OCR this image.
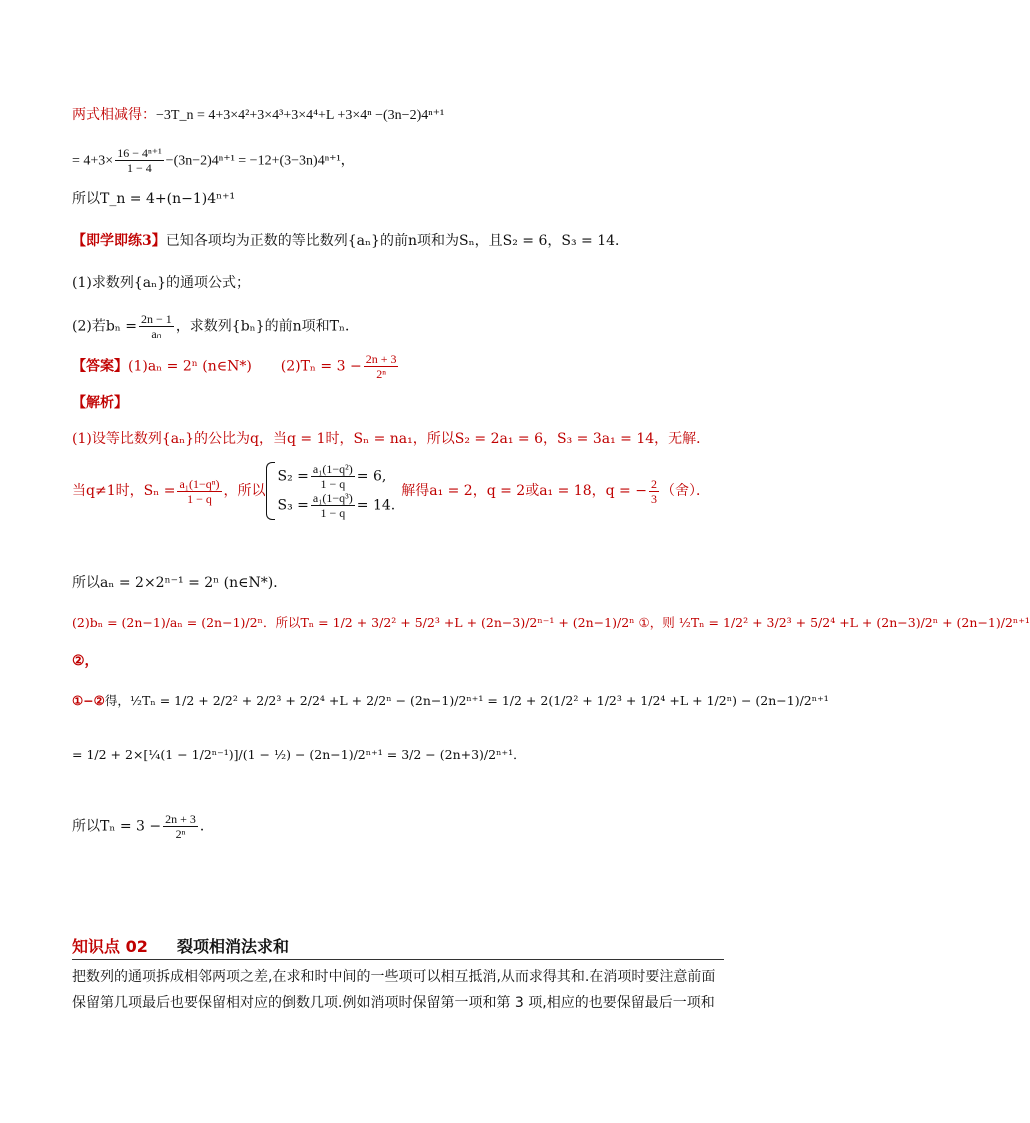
两式相减得：−3T_n = 4+3×4²+3×4³+3×4⁴+L +3×4ⁿ −(3n−2)4ⁿ⁺¹
= $4+3\times \frac{\text{16 − 4ⁿ⁺¹}}{1 - 4} -(3n-2)4^{n+1} = -12+(3-3n)4^{n+1}$，
所以T_n = 4+(n−1)4ⁿ⁺¹
【即学即练3】已知各项均为正数的等比数列{aₙ}的前n项和为Sₙ，且S₂ = 6，S₃ = 14．
(1)求数列{aₙ}的通项公式；
(2)若$b_n = \frac{2n - 1}{\text{aₙ}}$ ，求数列{bₙ}的前n项和Tₙ．
【答案】(1)aₙ = 2ⁿ (n∈N*) $(2)T_n = 3 - \frac{2n + 3}{\text{2ⁿ}}$
【解析】
(1)设等比数列{aₙ}的公比为q，当q = 1时，Sₙ = na₁，所以S₂ = 2a₁ = 6，S₃ = 3a₁ = 14，无解．
当q≠1时，$S_n = \frac{\text{a₁(1−qⁿ)}}{1 - q}$ ，所以
$S_2 = \frac{\text{a₁(1−q²)}}{1 - q} = 6$,
$S_3 = \frac{\text{a₁(1−q³)}}{1 - q} = 14$.
解得a₁ = 2，q = 2或a₁ = 18，q = − $\frac{2}{3}$ （舍）．
所以aₙ = 2×2ⁿ⁻¹ = 2ⁿ (n∈N*)．
(2)bₙ = (2n−1)/aₙ = (2n−1)/2ⁿ．所以Tₙ = 1/2 + 3/2² + 5/2³ +L + (2n−3)/2ⁿ⁻¹ + (2n−1)/2ⁿ ①，则 ½Tₙ = 1/2² + 3/2³ + 5/2⁴ +L + (2n−3)/2ⁿ + (2n−1)/2ⁿ⁺¹
②，
①−②得，½Tₙ = 1/2 + 2/2² + 2/2³ + 2/2⁴ +L + 2/2ⁿ − (2n−1)/2ⁿ⁺¹ = 1/2 + 2(1/2² + 1/2³ + 1/2⁴ +L + 1/2ⁿ) − (2n−1)/2ⁿ⁺¹
= 1/2 + 2×[¼(1 − 1/2ⁿ⁻¹)]/(1 − ½) − (2n−1)/2ⁿ⁺¹ = 3/2 − (2n+3)/2ⁿ⁺¹．
所以$T_n = 3 - \frac{2n + 3}{\text{2ⁿ}}$ ．
知识点 02 裂项相消法求和
把数列的通项拆成相邻两项之差,在求和时中间的一些项可以相互抵消,从而求得其和.在消项时要注意前面保留第几项最后也要保留相对应的倒数几项.例如消项时保留第一项和第 3 项,相应的也要保留最后一项和
